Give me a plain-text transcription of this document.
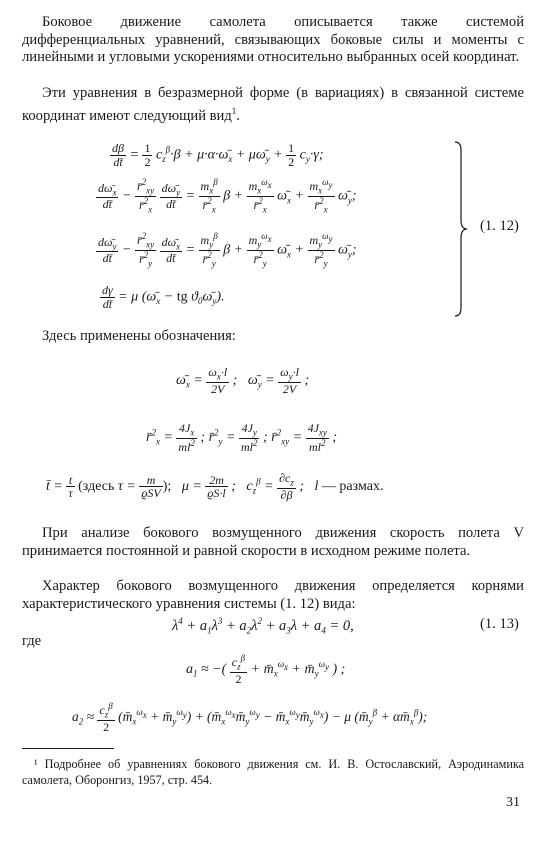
Боковое движение самолета описывается также системой дифференциальных уравнений, связывающих боковые силы и моменты с линейными и угловыми ускорениями относительно выбранных осей координат.

Эти уравнения в безразмерной форме (в вариациях) в связанной системе координат имеют следующий вид$^1$.

$\frac{d\beta}{dt̄} = \frac{1}{2} c_z^\beta\cdot\beta$ + $\mu\cdot\alpha\cdot\omegā_x$ + $\mu\omegā_y + \frac{1}{2} c_y\cdot\gamma$;
$\frac{d\omegā_x}{dt̄} - \frac{r̄^2_{xy}}{r̄^2_x}$
$\frac{d\omegā_y}{dt̄} = \frac{m_x^\beta}{r̄^2_x}$ $\beta + \frac{m_x^{\omega_x}}{r̄^2_x}$ $\omegā_x + \frac{m_x^{\omega_y}}{r̄^2_x}$ $\omegā_y$;
$\frac{d\omegā_y}{dt̄} - \frac{r̄^2_{xy}}{r̄^2_y}$
$\frac{d\omegā_x}{dt̄} = \frac{m_y^\beta}{r̄^2_y}$ $\beta + \frac{m_y^{\omega_x}}{r̄^2_y}$ $\omegā_x + \frac{m_y^{\omega_y}}{r̄^2_y}$ $\omegā_y$;
$\frac{d\gamma}{dt̄} = \mu$ ($\omegā_x$ − tg $ϑ_0\omegā_y$).
(1. 12)

Здесь применены обозначения:

$\omegā_x = \frac{\omega_x\cdot l}{2V}$ ;   $\omegā_y = \frac{\omega_y\cdot l}{2V}$ ;
r̄$^2_x$ = $\frac{4J_x}{ml^2}$ ; r̄$^2_y$ = $\frac{4J_y}{ml^2}$ ; r̄$^2_{xy}$ = $\frac{4J_{xy}}{ml^2}$ ;
t̄ = $\frac{t}{\tau}$ (здесь $\tau = \frac{m}{\text{ϱSV}}$ );   $\mu = \frac{2m}{ϱS\cdot l}$ ;   $c_z^\beta = \frac{\partial c_z}{\partial\beta}$ ;   l — размах.

При анализе бокового возмущенного движения скорость полета V принимается постоянной и равной скорости в исходном режиме полета.

Характер бокового возмущенного движения определяется корнями характеристического уравнения системы (1. 12) вида:

$\lambda^4 + a_1\lambda^3 + a_2\lambda^2 + a_3\lambda + a_4 = 0$,	(1. 13)
где
$a_1$ ≈ −( $\frac{c_z^\beta}{2}$ + $m̄_x^{\omega_x}$ + $m̄_y^{\omega_y}$ ) ;
$a_2 \approx \frac{c_z^\beta}{2}$ ($m̄_x^{\omega_x}$ + $m̄_y^{\omega_y}$) + ($m̄_x^{\omega_x}m̄_y^{\omega_y}$ − $m̄_x^{\omega_y}m̄_y^{\omega_x}) - \mu$ ($m̄_y^\beta$ + $\alpha m̄_x^\beta$);

¹ Подробнее об уравнениях бокового движения см. И. В. Остославский, Аэродинамика самолета, Оборонгиз, 1957, стр. 454.

31
